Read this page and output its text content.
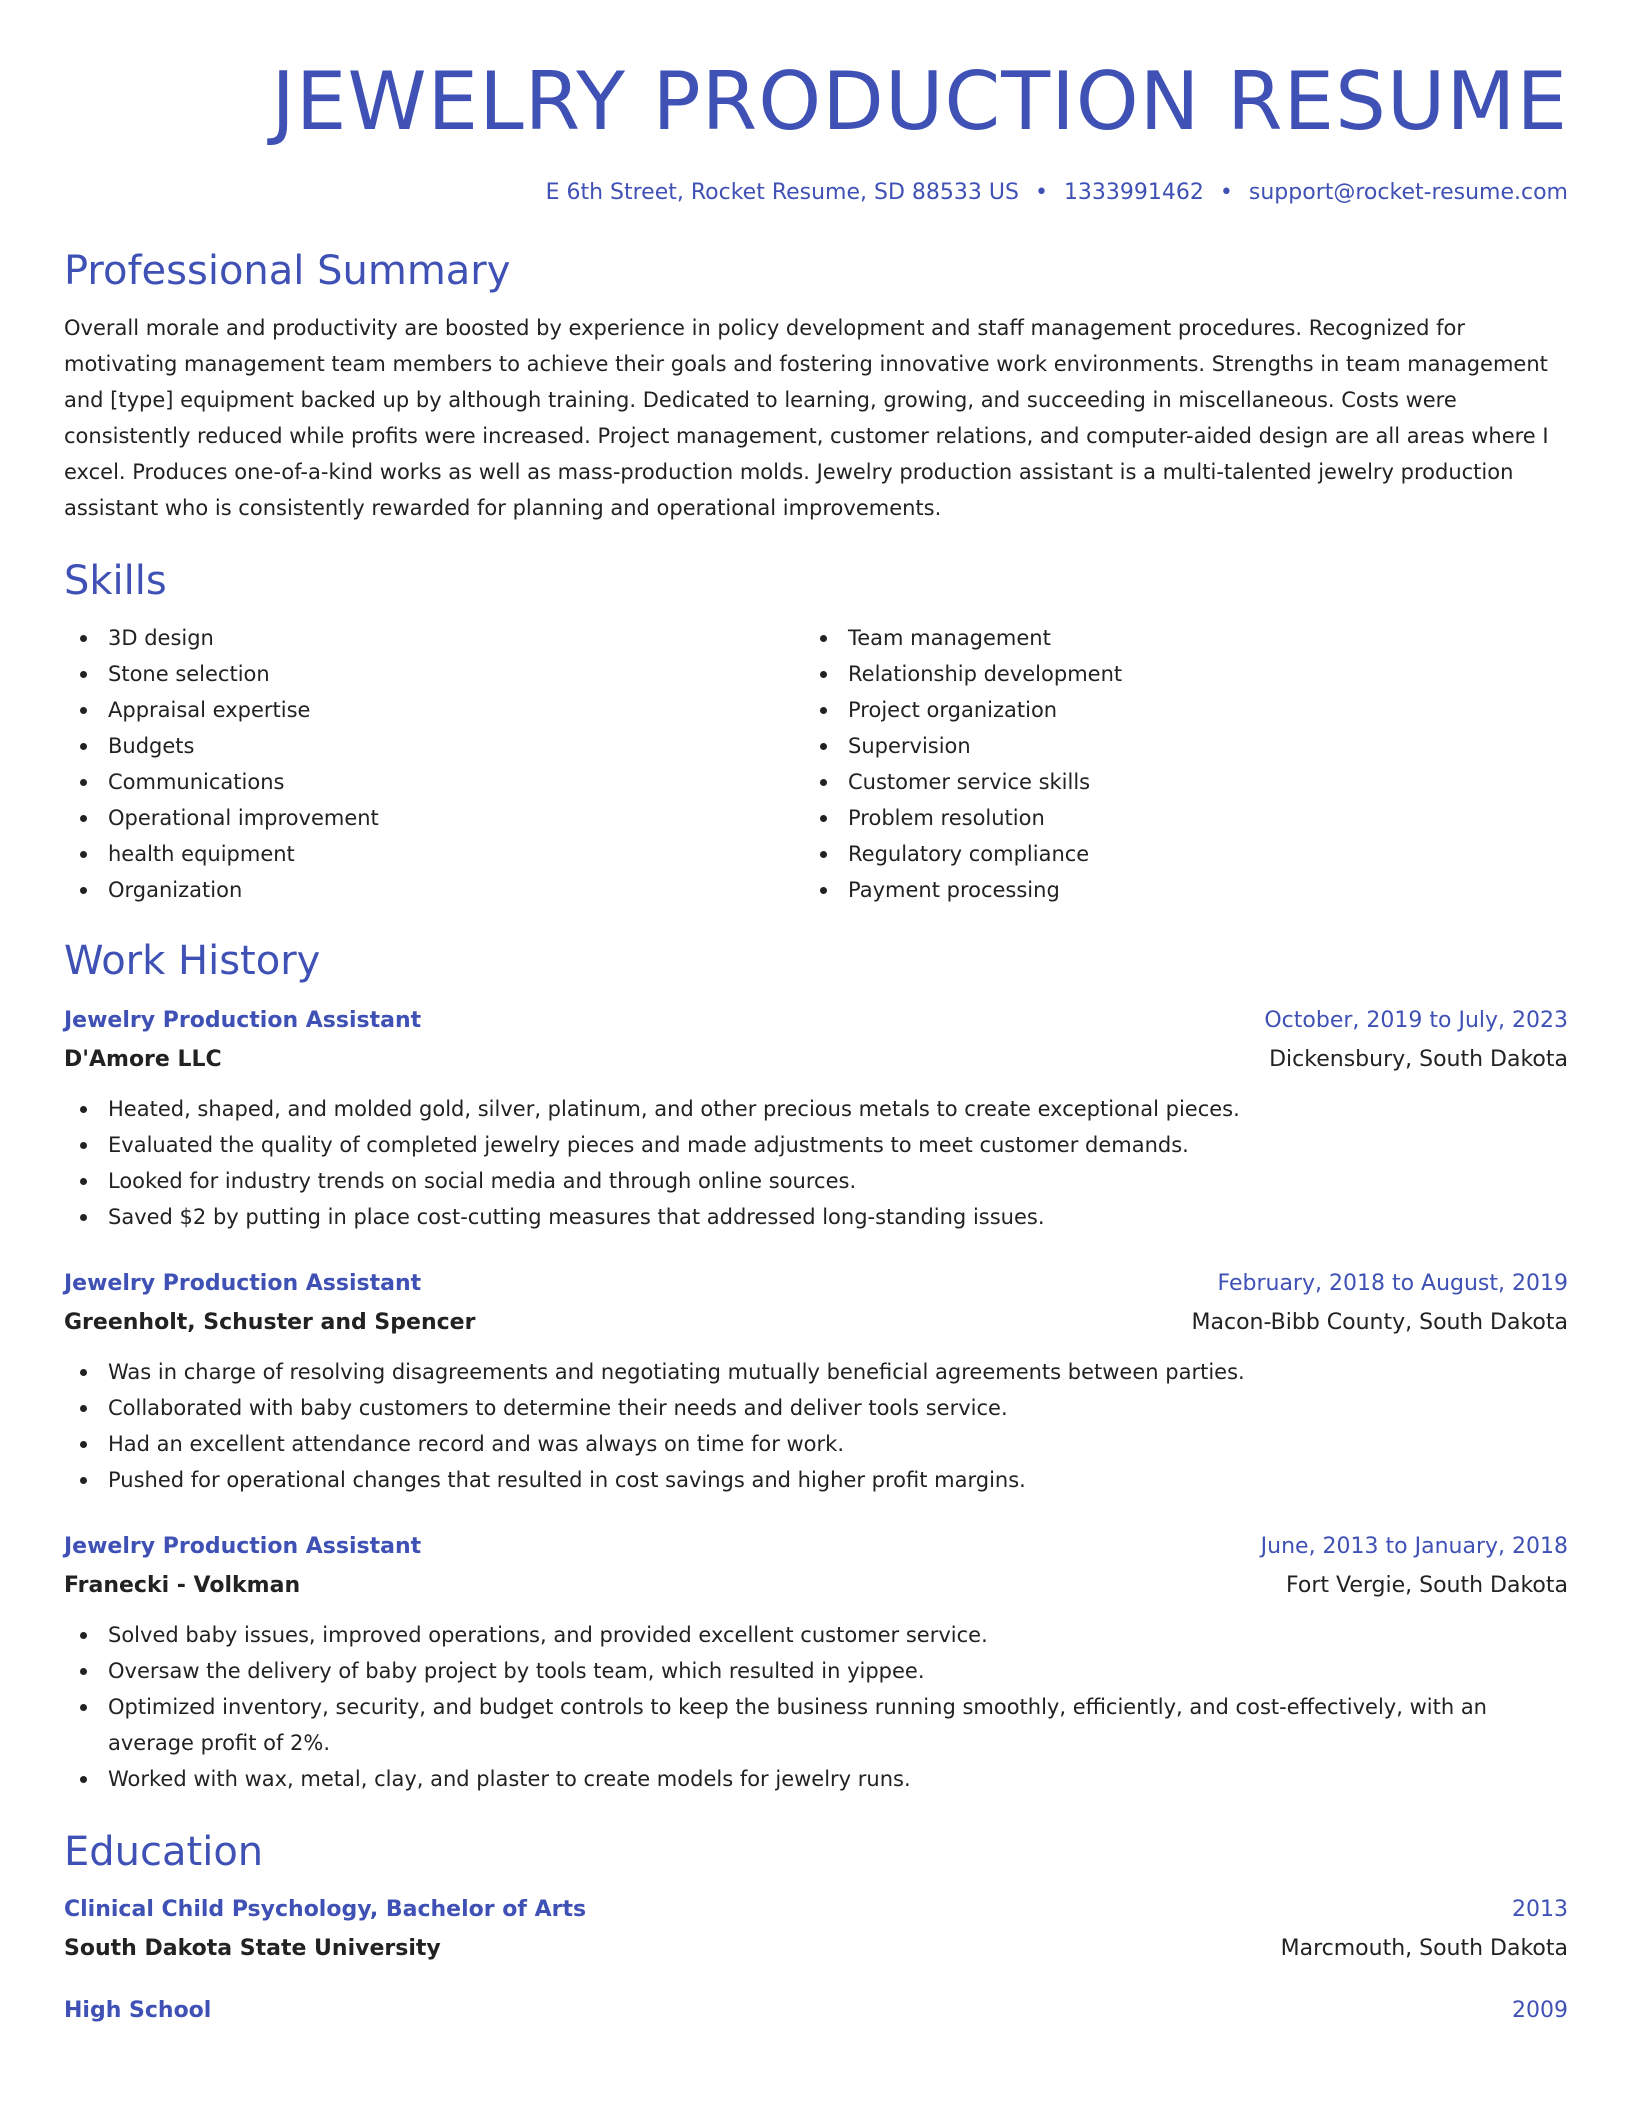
JEWELRY PRODUCTION RESUME
E 6th Street, Rocket Resume, SD 88533 US • 1333991462 • support@rocket-resume.com
Professional Summary
Overall morale and productivity are boosted by experience in policy development and staff management procedures. Recognized for motivating management team members to achieve their goals and fostering innovative work environments. Strengths in team management and [type] equipment backed up by although training. Dedicated to learning, growing, and succeeding in miscellaneous. Costs were consistently reduced while profits were increased. Project management, customer relations, and computer-aided design are all areas where I excel. Produces one-of-a-kind works as well as mass-production molds. Jewelry production assistant is a multi-talented jewelry production assistant who is consistently rewarded for planning and operational improvements.
Skills
3D design
Stone selection
Appraisal expertise
Budgets
Communications
Operational improvement
health equipment
Organization
Team management
Relationship development
Project organization
Supervision
Customer service skills
Problem resolution
Regulatory compliance
Payment processing
Work History
Jewelry Production Assistant	October, 2019 to July, 2023
D'Amore LLC	Dickensbury, South Dakota
Heated, shaped, and molded gold, silver, platinum, and other precious metals to create exceptional pieces.
Evaluated the quality of completed jewelry pieces and made adjustments to meet customer demands.
Looked for industry trends on social media and through online sources.
Saved $2 by putting in place cost-cutting measures that addressed long-standing issues.
Jewelry Production Assistant	February, 2018 to August, 2019
Greenholt, Schuster and Spencer	Macon-Bibb County, South Dakota
Was in charge of resolving disagreements and negotiating mutually beneficial agreements between parties.
Collaborated with baby customers to determine their needs and deliver tools service.
Had an excellent attendance record and was always on time for work.
Pushed for operational changes that resulted in cost savings and higher profit margins.
Jewelry Production Assistant	June, 2013 to January, 2018
Franecki - Volkman	Fort Vergie, South Dakota
Solved baby issues, improved operations, and provided excellent customer service.
Oversaw the delivery of baby project by tools team, which resulted in yippee.
Optimized inventory, security, and budget controls to keep the business running smoothly, efficiently, and cost-effectively, with an average profit of 2%.
Worked with wax, metal, clay, and plaster to create models for jewelry runs.
Education
Clinical Child Psychology, Bachelor of Arts	2013
South Dakota State University	Marcmouth, South Dakota
High School	2009
